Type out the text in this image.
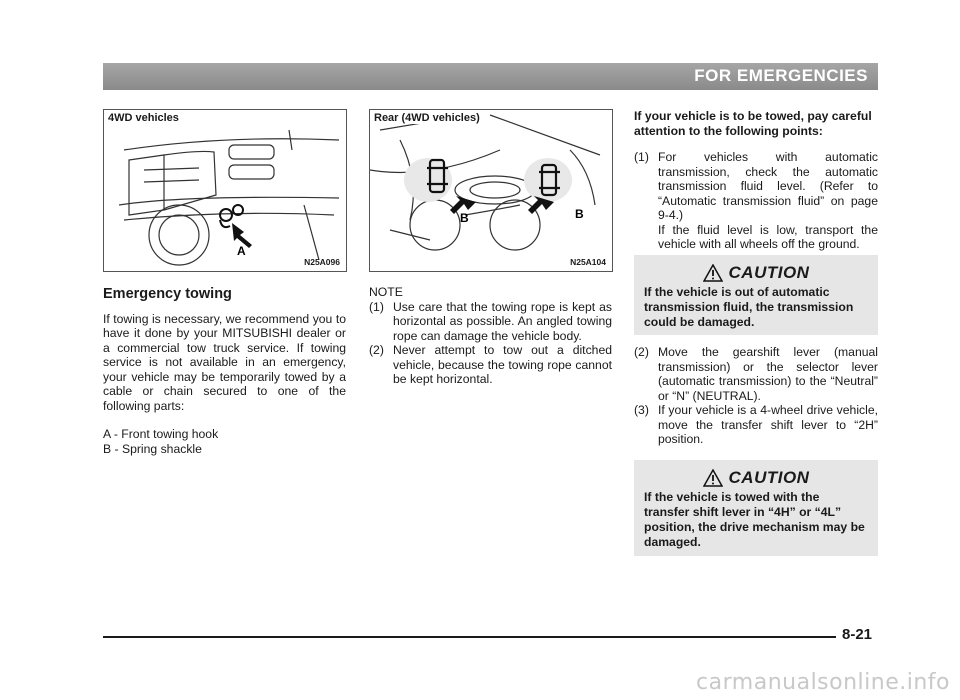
FOR EMERGENCIES
A
4WD vehicles
N25A096
B	B
Rear (4WD vehicles)
N25A104
Emergency towing

If towing is necessary, we recommend you to have it done by your MITSUBISHI dealer or a commercial tow truck service. If towing service is not available in an emergency, your vehicle may be temporarily towed by a cable or chain secured to one of the following parts:

A - Front towing hook
B - Spring shackle
NOTE
(1) Use care that the towing rope is kept as horizontal as possible. An angled towing rope can damage the vehicle body.
(2) Never attempt to tow out a ditched vehicle, because the towing rope cannot be kept horizontal.
If your vehicle is to be towed, pay careful attention to the following points:
(1) For vehicles with automatic transmission, check the automatic transmission fluid level. (Refer to “Automatic transmission fluid” on page 9-4.)
If the fluid level is low, transport the vehicle with all wheels off the ground.
CAUTION
If the vehicle is out of automatic transmission fluid, the transmission could be damaged.
(2) Move the gearshift lever (manual transmission) or the selector lever (automatic transmission) to the “Neutral” or “N” (NEUTRAL).
(3) If your vehicle is a 4-wheel drive vehicle, move the transfer shift lever to “2H” position.
CAUTION
If the vehicle is towed with the transfer shift lever in “4H” or “4L” position, the drive mechanism may be damaged.
8-21
carmanualsonline.info
